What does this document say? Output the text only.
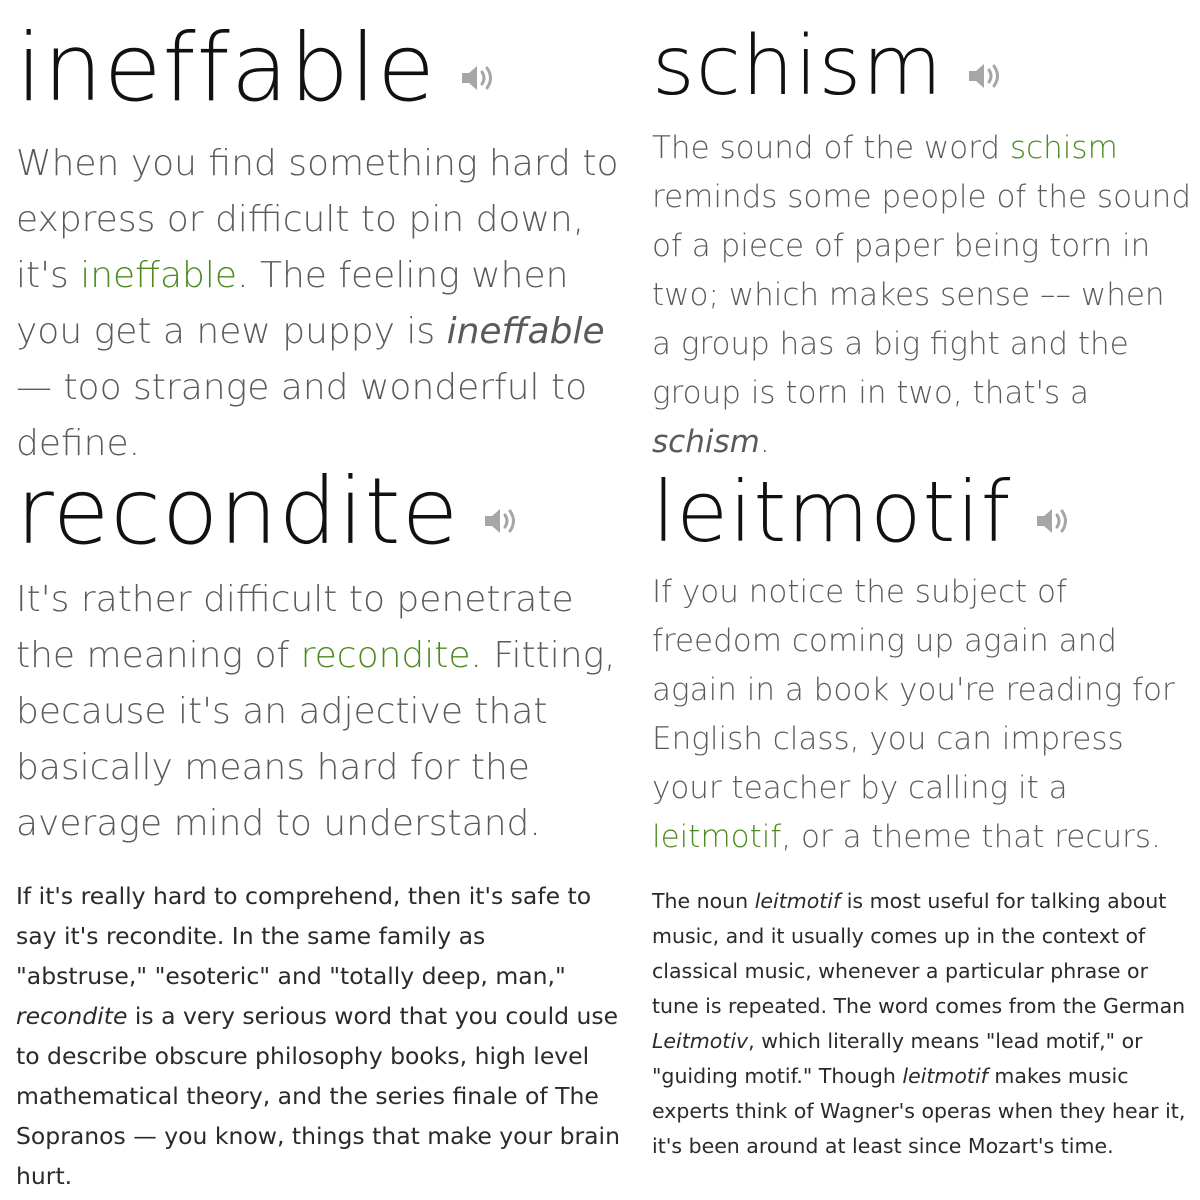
ineffable

When you find something hard to express or difficult to pin down, it's ineffable. The feeling when you get a new puppy is ineffable — too strange and wonderful to define.

schism

The sound of the word schism reminds some people of the sound of a piece of paper being torn in two; which makes sense –– when a group has a big fight and the group is torn in two, that's a schism.

recondite

It's rather difficult to penetrate the meaning of recondite. Fitting, because it's an adjective that basically means hard for the average mind to understand.

If it's really hard to comprehend, then it's safe to say it's recondite. In the same family as "abstruse," "esoteric" and "totally deep, man," recondite is a very serious word that you could use to describe obscure philosophy books, high level mathematical theory, and the series finale of The Sopranos — you know, things that make your brain hurt.

leitmotif

If you notice the subject of freedom coming up again and again in a book you're reading for English class, you can impress your teacher by calling it a leitmotif, or a theme that recurs.

The noun leitmotif is most useful for talking about music, and it usually comes up in the context of classical music, whenever a particular phrase or tune is repeated. The word comes from the German Leitmotiv, which literally means "lead motif," or "guiding motif." Though leitmotif makes music experts think of Wagner's operas when they hear it, it's been around at least since Mozart's time.
